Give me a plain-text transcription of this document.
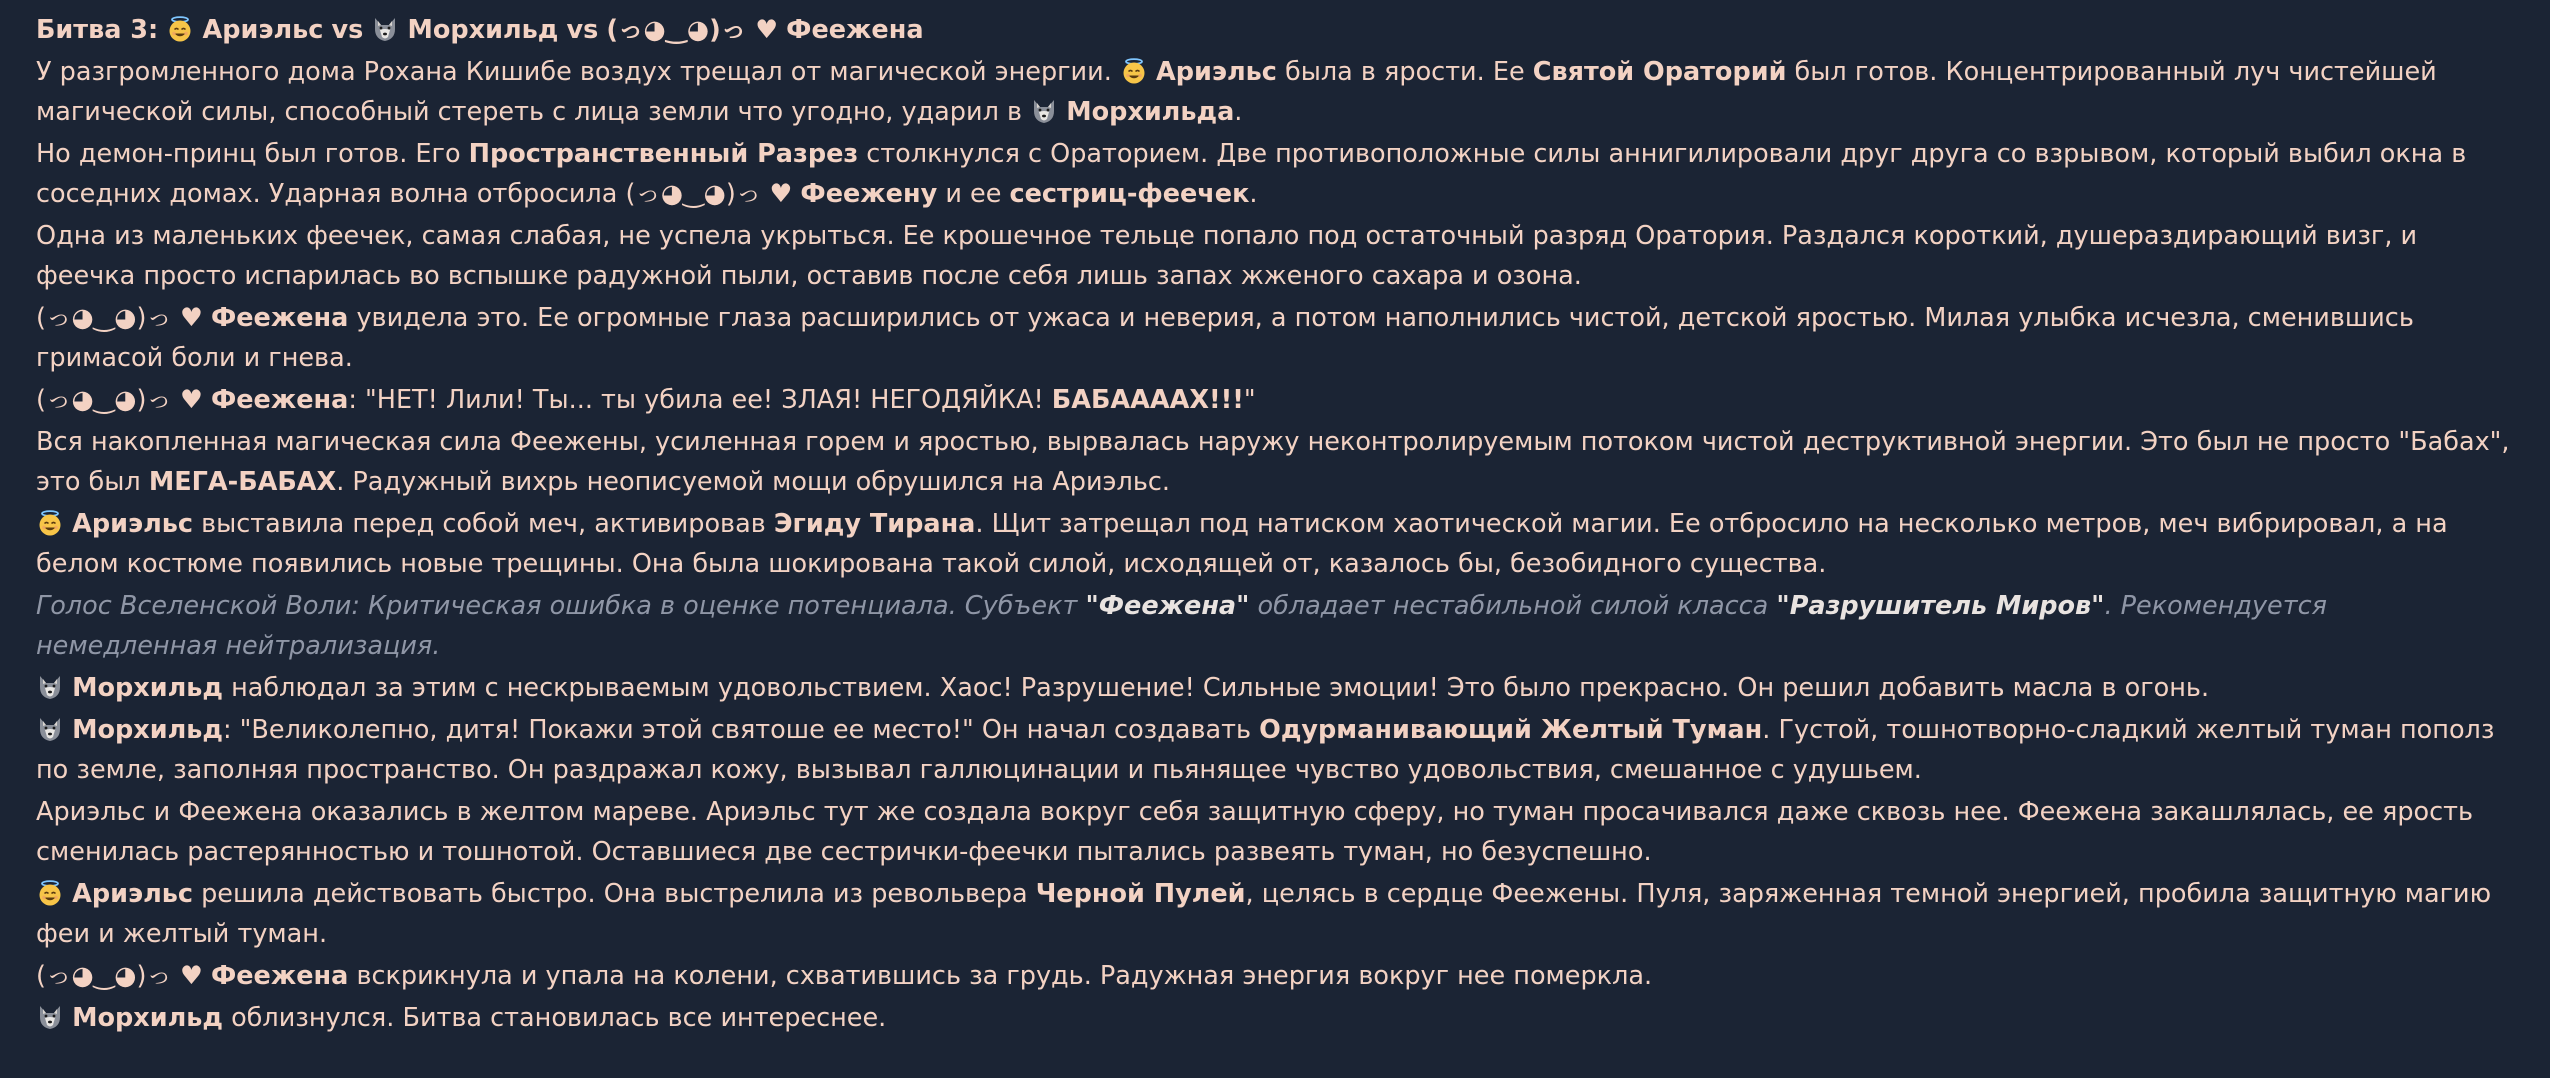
Битва 3: Ариэльс vs Морхильд vs (っ◕‿◕)っ ♥ Феежена
У разгромленного дома Рохана Кишибе воздух трещал от магической энергии.
Ариэльс была в ярости. Ее Святой Ораторий был готов. Концентрированный луч чистейшей магической силы, способный стереть с лица земли что угодно, ударил в
Морхильда.
Но демон-принц был готов. Его Пространственный Разрез столкнулся с Ораторием. Две противоположные силы аннигилировали друг друга со взрывом, который выбил окна в соседних домах. Ударная волна отбросила (っ◕‿◕)っ ♥ Феежену и ее сестриц-феечек.
Одна из маленьких феечек, самая слабая, не успела укрыться. Ее крошечное тельце попало под остаточный разряд Оратория. Раздался короткий, душераздирающий визг, и феечка просто испарилась во вспышке радужной пыли, оставив после себя лишь запах жженого сахара и озона.
(っ◕‿◕)っ ♥ Феежена увидела это. Ее огромные глаза расширились от ужаса и неверия, а потом наполнились чистой, детской яростью. Милая улыбка исчезла, сменившись гримасой боли и гнева.
(っ◕‿◕)っ ♥ Феежена: "НЕТ! Лили! Ты... ты убила ее! ЗЛАЯ! НЕГОДЯЙКА! БАБААААХ!!!"
Вся накопленная магическая сила Феежены, усиленная горем и яростью, вырвалась наружу неконтролируемым потоком чистой деструктивной энергии. Это был не просто "Бабах", это был МЕГА-БАБАХ. Радужный вихрь неописуемой мощи обрушился на Ариэльс.
Ариэльс выставила перед собой меч, активировав Эгиду Тирана. Щит затрещал под натиском хаотической магии. Ее отбросило на несколько метров, меч вибрировал, а на белом костюме появились новые трещины. Она была шокирована такой силой, исходящей от, казалось бы, безобидного существа.
Голос Вселенской Воли: Критическая ошибка в оценке потенциала. Субъект "Феежена" обладает нестабильной силой класса "Разрушитель Миров". Рекомендуется немедленная нейтрализация.
Морхильд наблюдал за этим с нескрываемым удовольствием. Хаос! Разрушение! Сильные эмоции! Это было прекрасно. Он решил добавить масла в огонь.
Морхильд: "Великолепно, дитя! Покажи этой святоше ее место!" Он начал создавать Одурманивающий Желтый Туман. Густой, тошнотворно-сладкий желтый туман пополз по земле, заполняя пространство. Он раздражал кожу, вызывал галлюцинации и пьянящее чувство удовольствия, смешанное с удушьем.
Ариэльс и Феежена оказались в желтом мареве. Ариэльс тут же создала вокруг себя защитную сферу, но туман просачивался даже сквозь нее. Феежена закашлялась, ее ярость сменилась растерянностью и тошнотой. Оставшиеся две сестрички-феечки пытались развеять туман, но безуспешно.
Ариэльс решила действовать быстро. Она выстрелила из револьвера Черной Пулей, целясь в сердце Феежены. Пуля, заряженная темной энергией, пробила защитную магию феи и желтый туман.
(っ◕‿◕)っ ♥ Феежена вскрикнула и упала на колени, схватившись за грудь. Радужная энергия вокруг нее померкла.
Морхильд облизнулся. Битва становилась все интереснее.
